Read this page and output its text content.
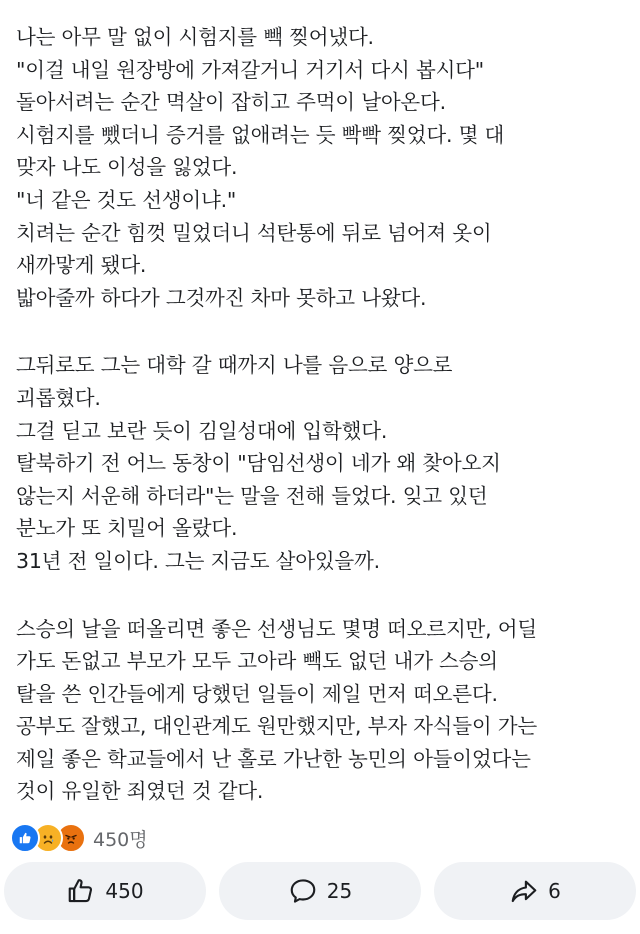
나는 아무 말 없이 시험지를 빽 찢어냈다.
"이걸 내일 원장방에 가져갈거니 거기서 다시 봅시다"
돌아서려는 순간 멱살이 잡히고 주먹이 날아온다.
시험지를 뺐더니 증거를 없애려는 듯 빡빡 찢었다. 몇 대
맞자 나도 이성을 잃었다.
"너 같은 것도 선생이냐."
치려는 순간 힘껏 밀었더니 석탄통에 뒤로 넘어져 옷이
새까맣게 됐다.
밟아줄까 하다가 그것까진 차마 못하고 나왔다.
그뒤로도 그는 대학 갈 때까지 나를 음으로 양으로
괴롭혔다.
그걸 딛고 보란 듯이 김일성대에 입학했다.
탈북하기 전 어느 동창이 "담임선생이 네가 왜 찾아오지
않는지 서운해 하더라"는 말을 전해 들었다. 잊고 있던
분노가 또 치밀어 올랐다.
31년 전 일이다. 그는 지금도 살아있을까.
스승의 날을 떠올리면 좋은 선생님도 몇명 떠오르지만, 어딜
가도 돈없고 부모가 모두 고아라 빽도 없던 내가 스승의
탈을 쓴 인간들에게 당했던 일들이 제일 먼저 떠오른다.
공부도 잘했고, 대인관계도 원만했지만, 부자 자식들이 가는
제일 좋은 학교들에서 난 홀로 가난한 농민의 아들이었다는
것이 유일한 죄였던 것 같다.
450명
450	25	6
